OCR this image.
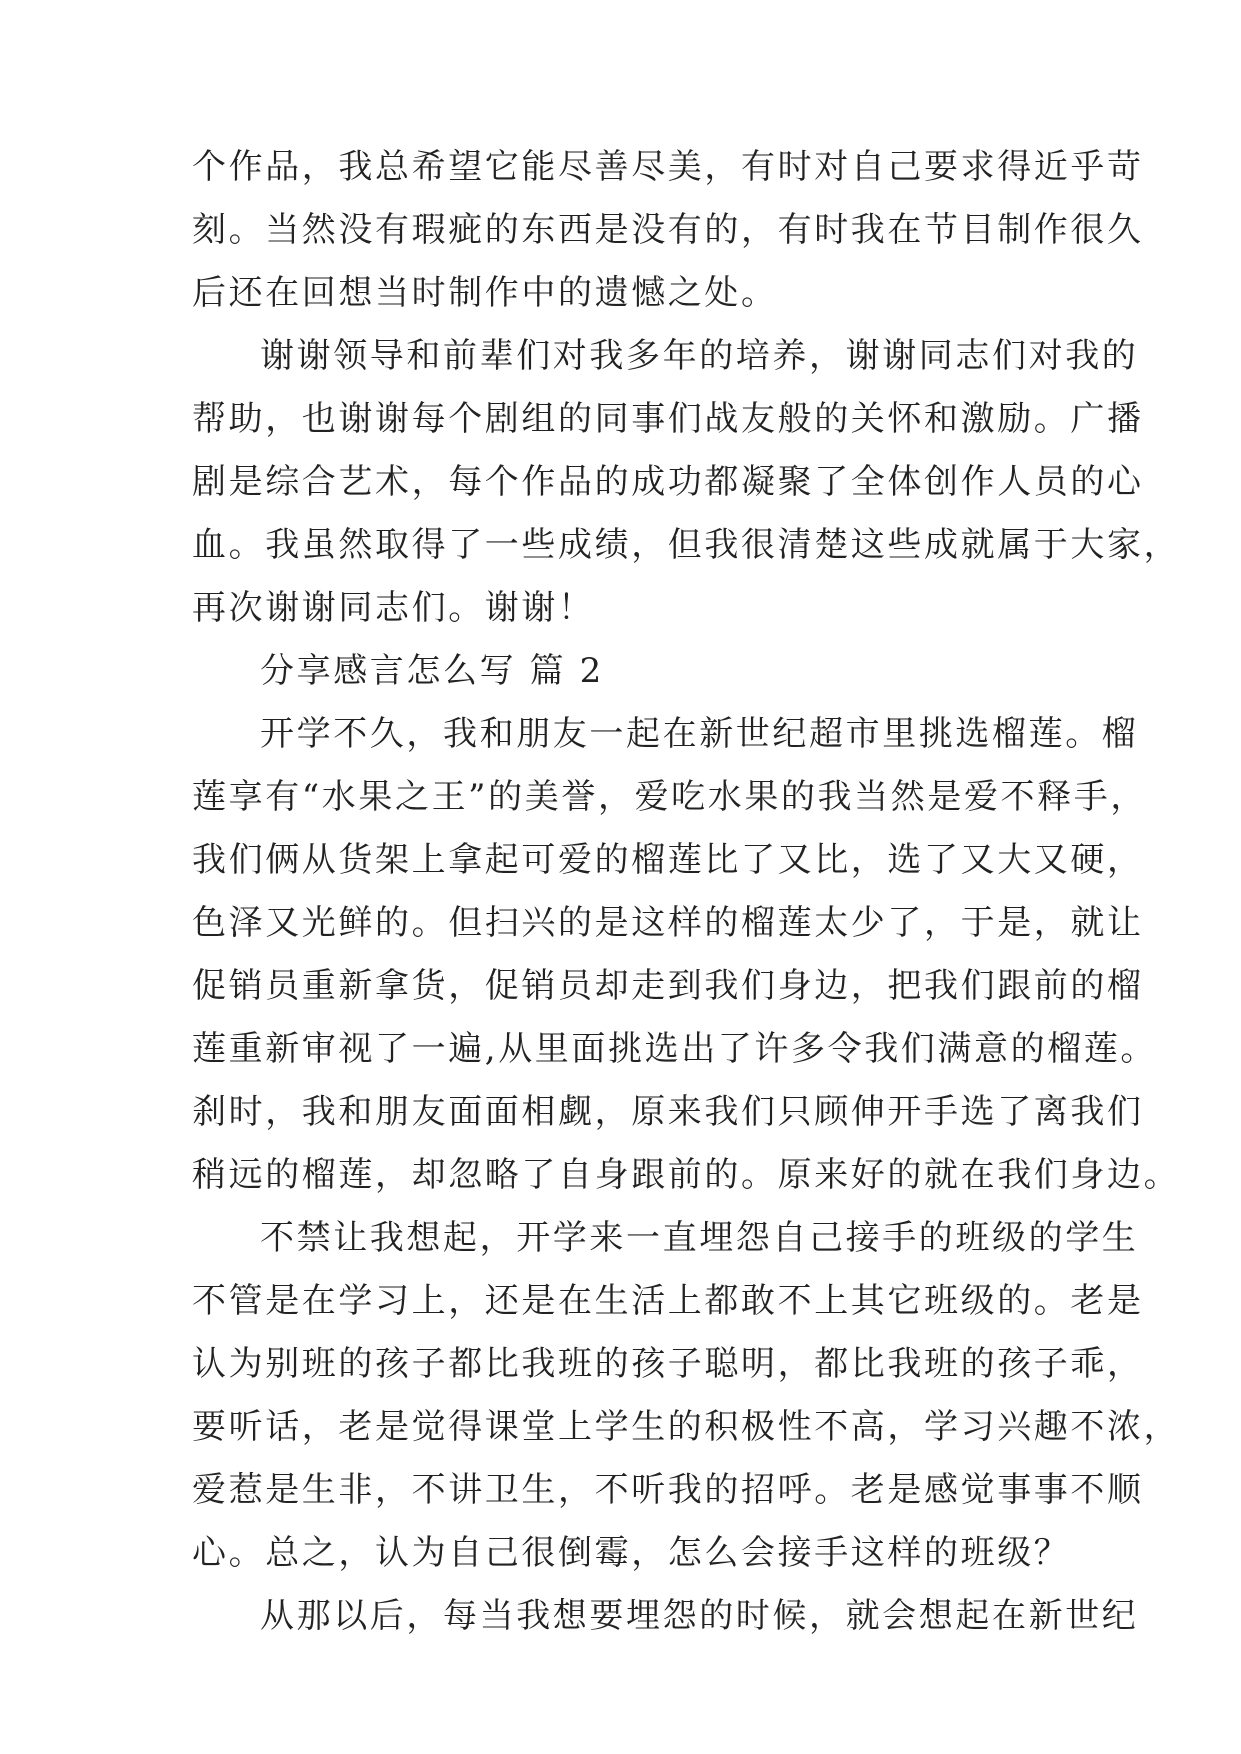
个作品，我总希望它能尽善尽美，有时对自己要求得近乎苛
刻。当然没有瑕疵的东西是没有的，有时我在节目制作很久
后还在回想当时制作中的遗憾之处。
谢谢领导和前辈们对我多年的培养，谢谢同志们对我的
帮助，也谢谢每个剧组的同事们战友般的关怀和激励。广播
剧是综合艺术，每个作品的成功都凝聚了全体创作人员的心
血。我虽然取得了一些成绩，但我很清楚这些成就属于大家，
再次谢谢同志们。谢谢！
分享感言怎么写 篇 2
开学不久，我和朋友一起在新世纪超市里挑选榴莲。榴
莲享有“水果之王”的美誉，爱吃水果的我当然是爱不释手，
我们俩从货架上拿起可爱的榴莲比了又比，选了又大又硬，
色泽又光鲜的。但扫兴的是这样的榴莲太少了，于是，就让
促销员重新拿货，促销员却走到我们身边，把我们跟前的榴
莲重新审视了一遍,从里面挑选出了许多令我们满意的榴莲。
刹时，我和朋友面面相觑，原来我们只顾伸开手选了离我们
稍远的榴莲，却忽略了自身跟前的。原来好的就在我们身边。
不禁让我想起，开学来一直埋怨自己接手的班级的学生
不管是在学习上，还是在生活上都敢不上其它班级的。老是
认为别班的孩子都比我班的孩子聪明，都比我班的孩子乖，
要听话，老是觉得课堂上学生的积极性不高，学习兴趣不浓，
爱惹是生非，不讲卫生，不听我的招呼。老是感觉事事不顺
心。总之，认为自己很倒霉，怎么会接手这样的班级？
从那以后，每当我想要埋怨的时候，就会想起在新世纪
